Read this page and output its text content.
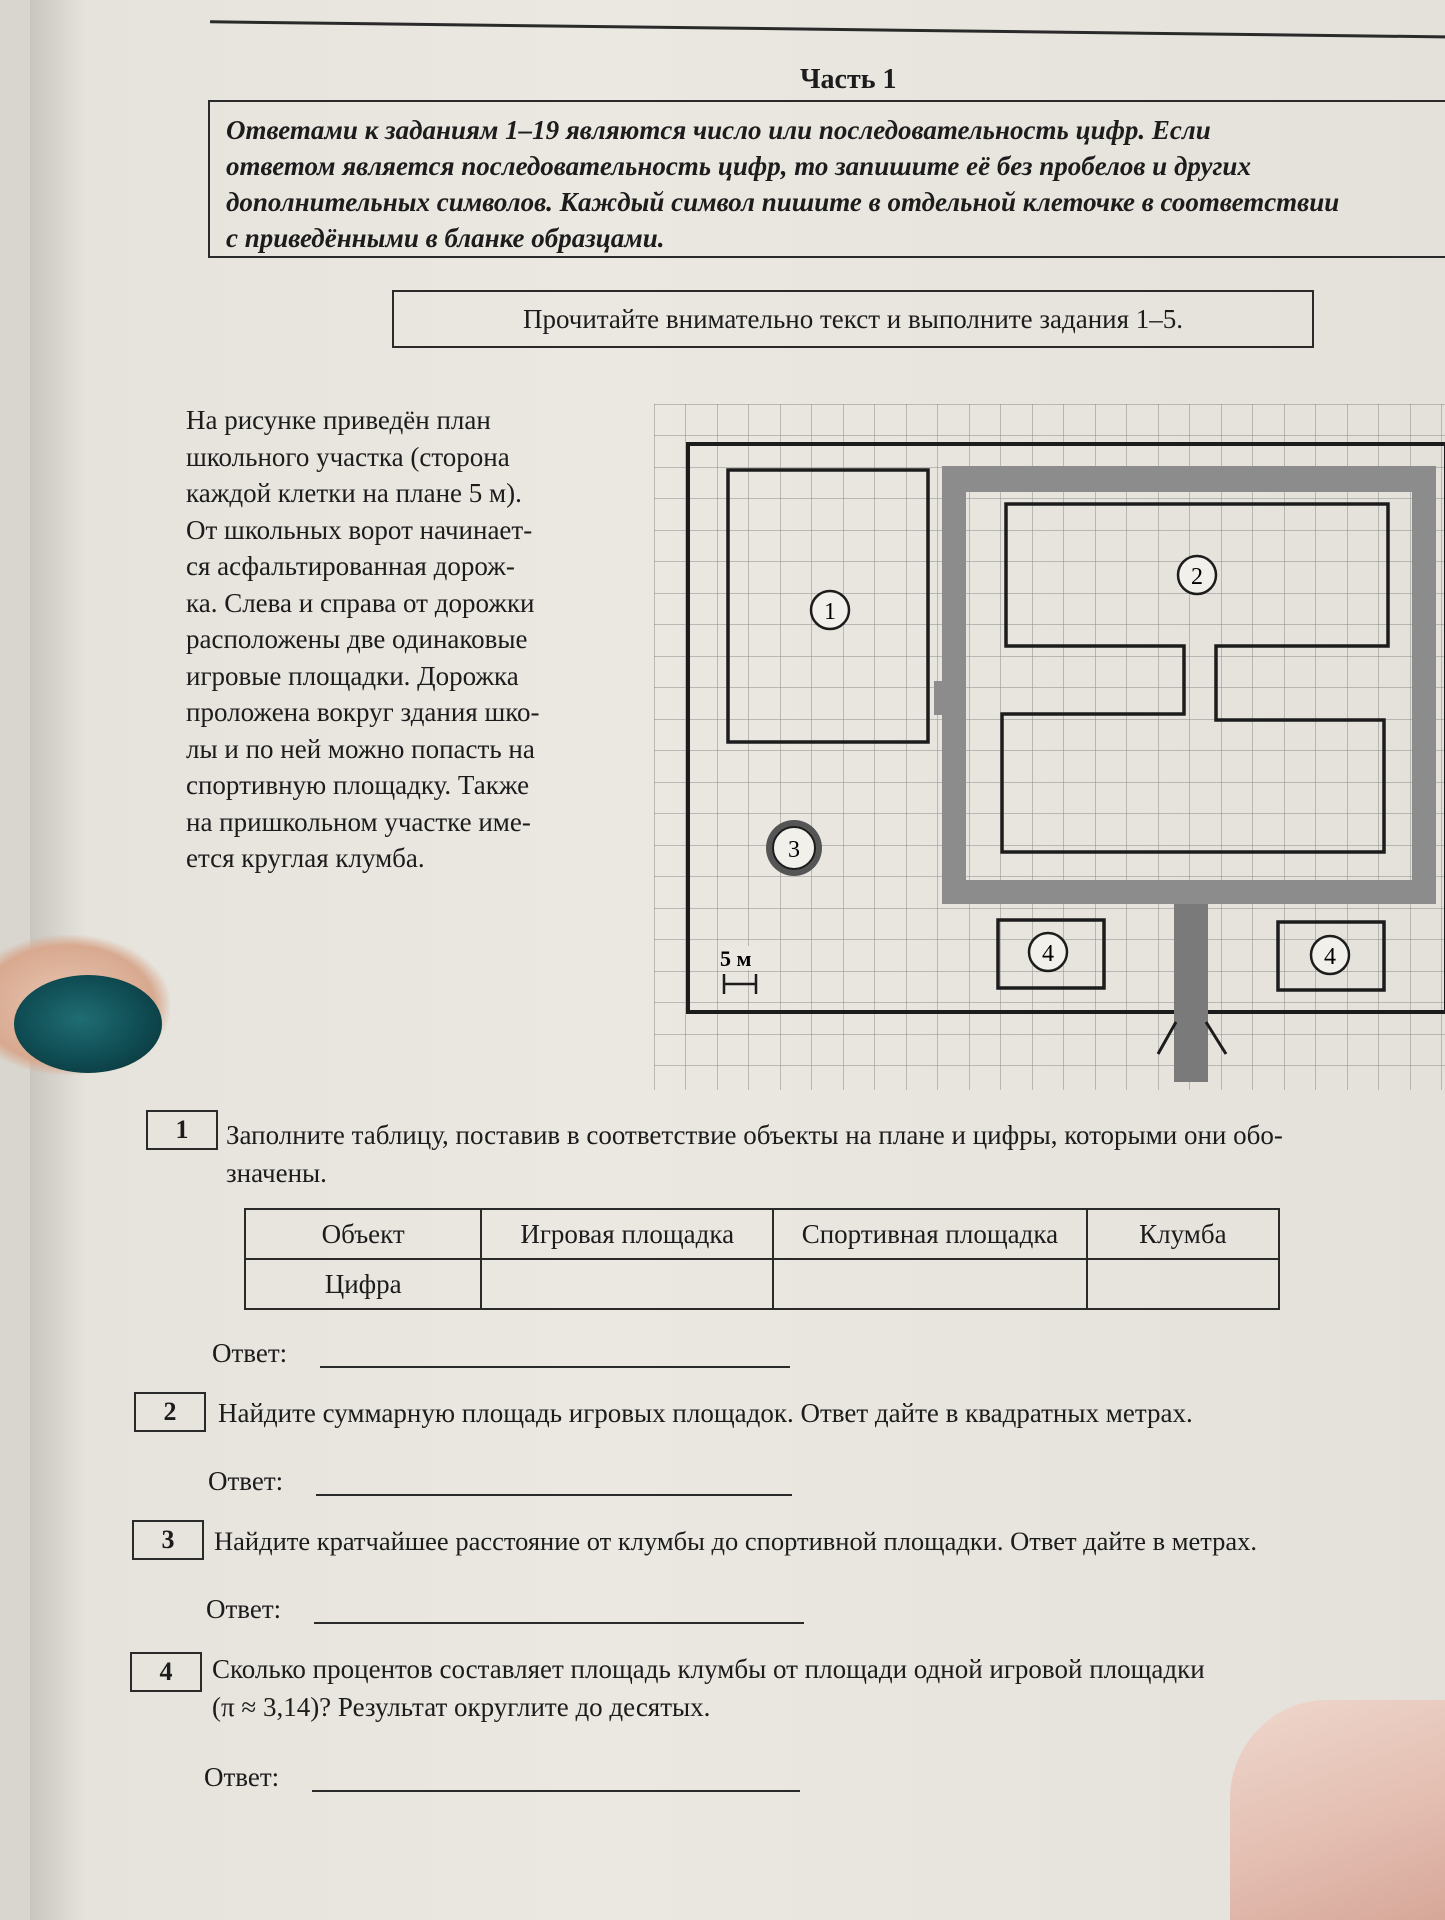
Часть 1
Ответами к заданиям 1–19 являются число или последовательность цифр. Если
ответом является последовательность цифр, то запишите её без пробелов и других
дополнительных символов. Каждый символ пишите в отдельной клеточке в соответствии
с приведёнными в бланке образцами.
Прочитайте внимательно текст и выполните задания 1–5.
На рисунке приведён план
школьного участка (сторона
каждой клетки на плане 5 м).
От школьных ворот начинает-
ся асфальтированная дорож-
ка. Слева и справа от дорожки
расположены две одинаковые
игровые площадки. Дорожка
проложена вокруг здания шко-
лы и по ней можно попасть на
спортивную площадку. Также
на пришкольном участке име-
ется круглая клумба.
1
2
3
4	4
5 м
1	Заполните таблицу, поставив в соответствие объекты на плане и цифры, которыми они обо-
значены.
Объект	Игровая площадка	Спортивная площадка	Клумба
Цифра			
Ответ:
2	Найдите суммарную площадь игровых площадок. Ответ дайте в квадратных метрах.
Ответ:
3	Найдите кратчайшее расстояние от клумбы до спортивной площадки. Ответ дайте в метрах.
Ответ:
4	Сколько процентов составляет площадь клумбы от площади одной игровой площадки
(π ≈ 3,14)? Результат округлите до десятых.
Ответ:
